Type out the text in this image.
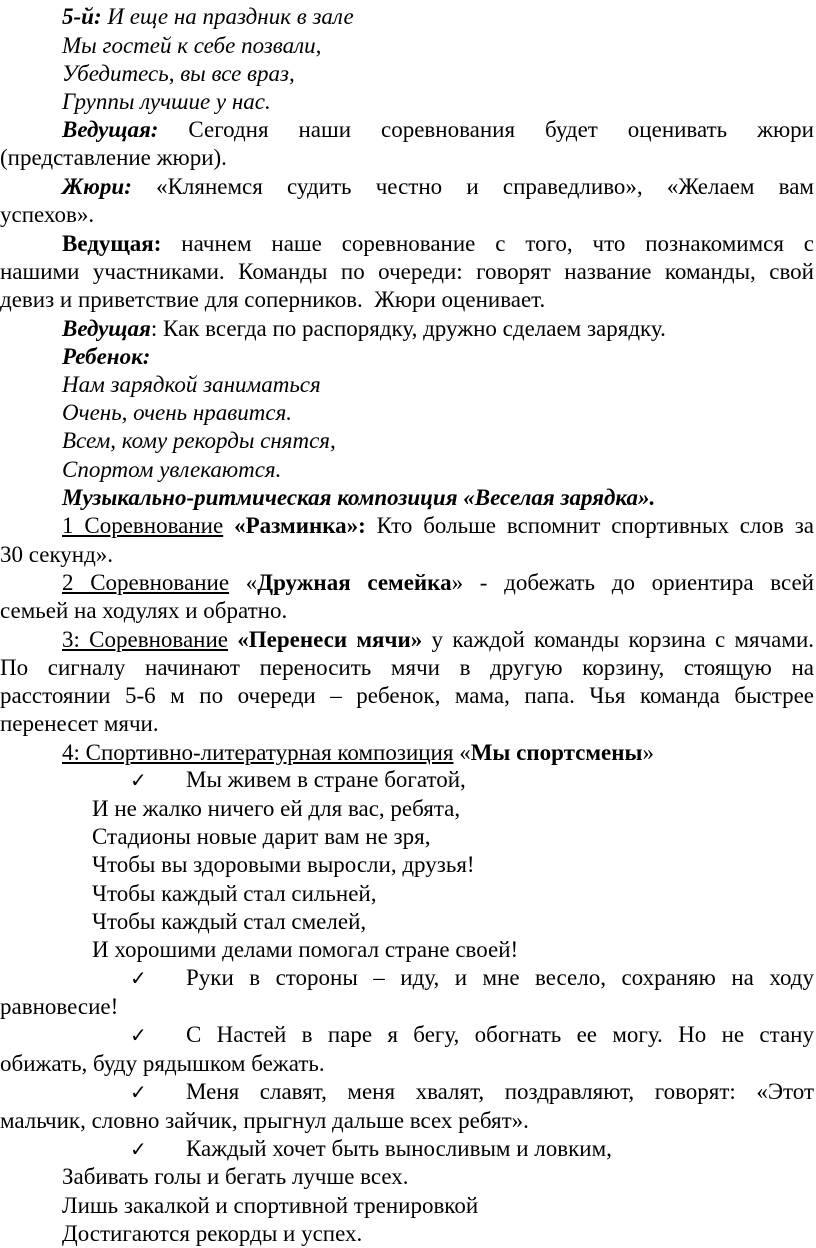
5-й: И еще на праздник в зале
Мы гостей к себе позвали,
Убедитесь, вы все враз,
Группы лучшие у нас.
Ведущая: Сегодня наши соревнования будет оценивать жюри
(представление жюри).
Жюри: «Клянемся судить честно и справедливо», «Желаем вам
успехов».
Ведущая: начнем наше соревнование с того, что познакомимся с
нашими участниками. Команды по очереди: говорят название команды, свой
девиз и приветствие для соперников.  Жюри оценивает.
Ведущая: Как всегда по распорядку, дружно сделаем зарядку.
Ребенок:
Нам зарядкой заниматься
Очень, очень нравится.
Всем, кому рекорды снятся,
Спортом увлекаются.
Музыкально-ритмическая композиция «Веселая зарядка».
1 Соревнование «Разминка»: Кто больше вспомнит спортивных слов за
30 секунд».
2 Соревнование «Дружная семейка» - добежать до ориентира всей
семьей на ходулях и обратно.
3: Соревнование «Перенеси мячи» у каждой команды корзина с мячами.
По сигналу начинают переносить мячи в другую корзину, стоящую на
расстоянии 5-6 м по очереди – ребенок, мама, папа. Чья команда быстрее
перенесет мячи.
4: Спортивно-литературная композиция «Мы спортсмены»
✓	Мы живем в стране богатой,
И не жалко ничего ей для вас, ребята,
Стадионы новые дарит вам не зря,
Чтобы вы здоровыми выросли, друзья!
Чтобы каждый стал сильней,
Чтобы каждый стал смелей,
И хорошими делами помогал стране своей!
✓	Руки в стороны – иду, и мне весело, сохраняю на ходу
равновесие!
✓	С Настей в паре я бегу, обогнать ее могу. Но не стану
обижать, буду рядышком бежать.
✓	Меня славят, меня хвалят, поздравляют, говорят: «Этот
мальчик, словно зайчик, прыгнул дальше всех ребят».
✓	Каждый хочет быть выносливым и ловким,
Забивать голы и бегать лучше всех.
Лишь закалкой и спортивной тренировкой
Достигаются рекорды и успех.
